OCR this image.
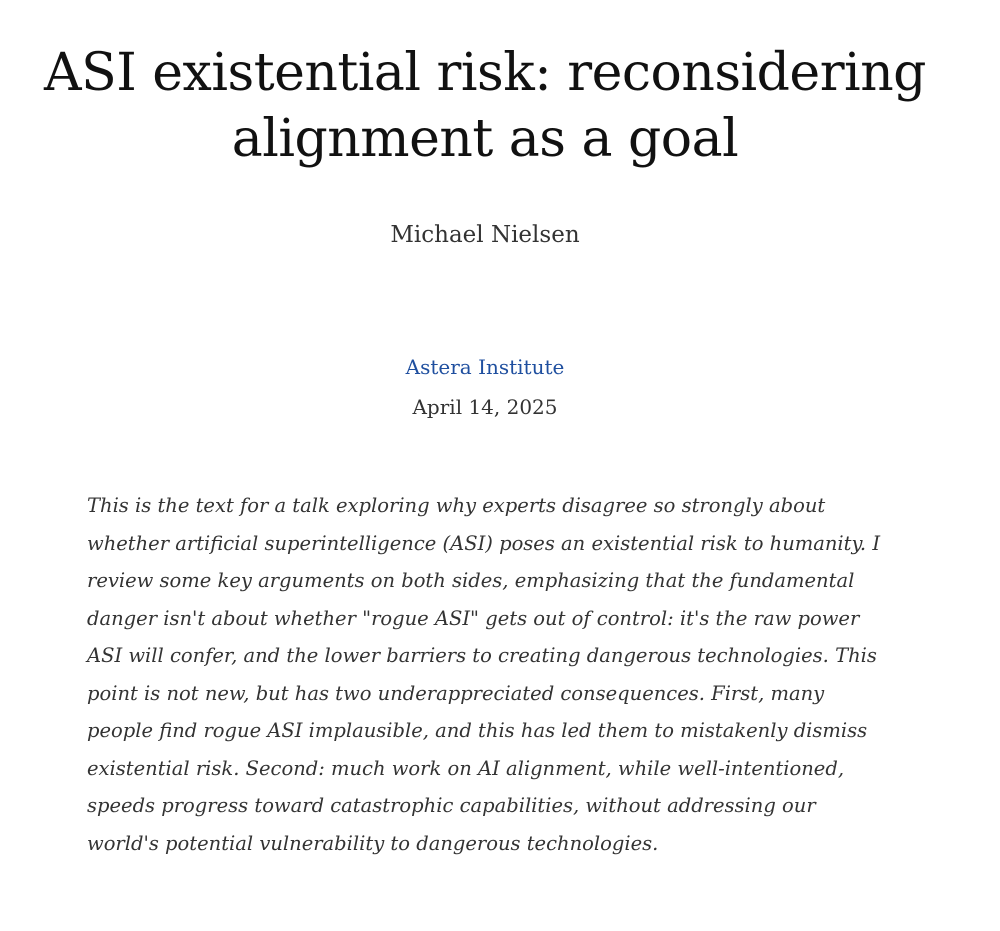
ASI existential risk: reconsidering alignment as a goal
Michael Nielsen
Astera Institute
April 14, 2025

This is the text for a talk exploring why experts disagree so strongly about whether artificial superintelligence (ASI) poses an existential risk to humanity. I review some key arguments on both sides, emphasizing that the fundamental danger isn't about whether "rogue ASI" gets out of control: it's the raw power ASI will confer, and the lower barriers to creating dangerous technologies. This point is not new, but has two underappreciated consequences. First, many people find rogue ASI implausible, and this has led them to mistakenly dismiss existential risk. Second: much work on AI alignment, while well-intentioned, speeds progress toward catastrophic capabilities, without addressing our world's potential vulnerability to dangerous technologies.
